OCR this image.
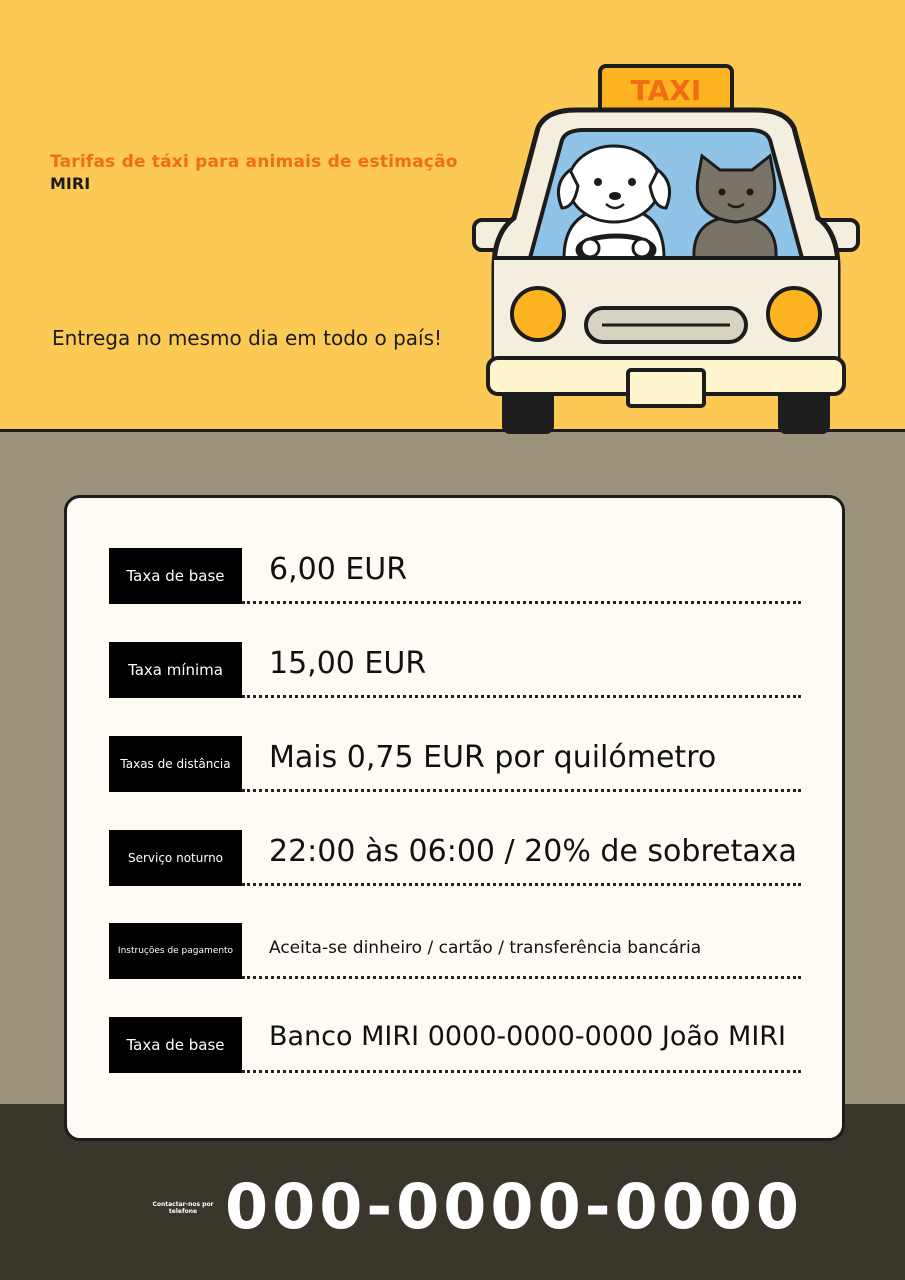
Tarifas de táxi para animais de estimação
MIRI
Entrega no mesmo dia em todo o país!
TAXI
Taxa de base	6,00 EUR
Taxa mínima	15,00 EUR
Taxas de distância	Mais 0,75 EUR por quilómetro
Serviço noturno	22:00 às 06:00 / 20% de sobretaxa
Instruções de pagamento	Aceita-se dinheiro / cartão / transferência bancária
Taxa de base	Banco MIRI 0000-0000-0000 João MIRI
Contactar-nos por telefone 000-0000-0000
